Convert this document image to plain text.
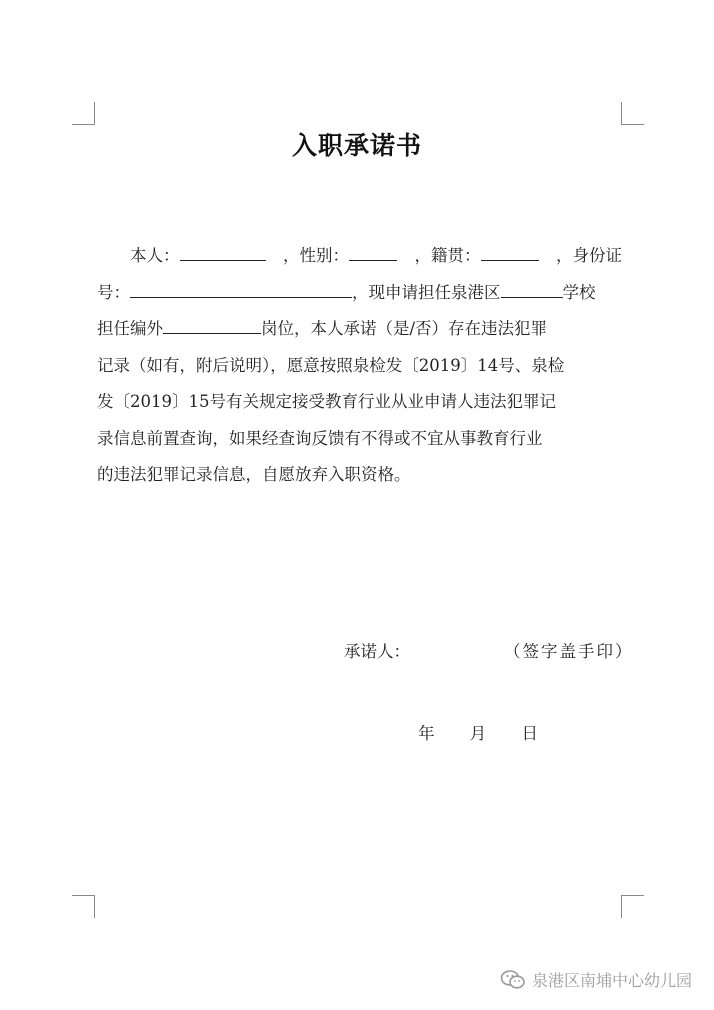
入职承诺书
本人：	，性别：	，籍贯：	，身份证
号：	，现申请担任泉港区	学校
担任编外	岗位，本人承诺（是/否）存在违法犯罪
记录（如有，附后说明），愿意按照泉检发〔2019〕14号、泉检
发〔2019〕15号有关规定接受教育行业从业申请人违法犯罪记
录信息前置查询，如果经查询反馈有不得或不宜从事教育行业
的违法犯罪记录信息，自愿放弃入职资格。
承诺人：	（签字盖手印）
年 月 日
泉港区南埔中心幼儿园
